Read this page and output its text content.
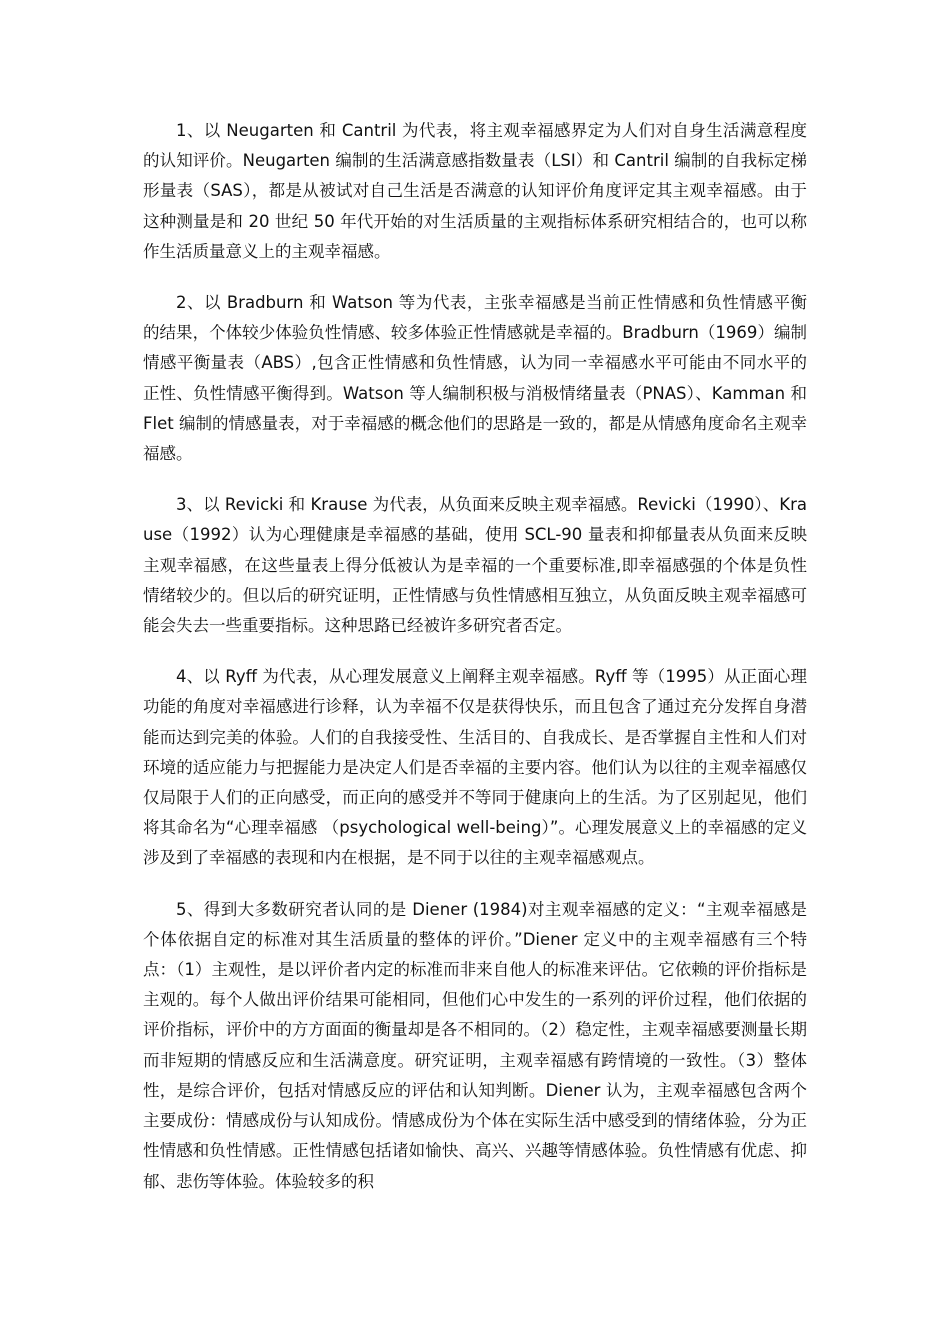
1、以 Neugarten 和 Cantril 为代表，将主观幸福感界定为人们对自身生活满意程度的认知评价。Neugarten 编制的生活满意感指数量表（LSI）和 Cantril 编制的自我标定梯形量表（SAS），都是从被试对自己生活是否满意的认知评价角度评定其主观幸福感。由于这种测量是和 20 世纪 50 年代开始的对生活质量的主观指标体系研究相结合的，也可以称作生活质量意义上的主观幸福感。

2、以 Bradburn 和 Watson 等为代表，主张幸福感是当前正性情感和负性情感平衡的结果，个体较少体验负性情感、较多体验正性情感就是幸福的。Bradburn（1969）编制情感平衡量表（ABS）,包含正性情感和负性情感，认为同一幸福感水平可能由不同水平的正性、负性情感平衡得到。Watson 等人编制积极与消极情绪量表（PNAS）、Kamman 和 Flet 编制的情感量表，对于幸福感的概念他们的思路是一致的，都是从情感角度命名主观幸福感。

3、以 Revicki 和 Krause 为代表，从负面来反映主观幸福感。Revicki（1990）、Krause（1992）认为心理健康是幸福感的基础，使用 SCL-90 量表和抑郁量表从负面来反映主观幸福感，在这些量表上得分低被认为是幸福的一个重要标准,即幸福感强的个体是负性情绪较少的。但以后的研究证明，正性情感与负性情感相互独立，从负面反映主观幸福感可能会失去一些重要指标。这种思路已经被许多研究者否定。

4、以 Ryff 为代表，从心理发展意义上阐释主观幸福感。Ryff 等（1995）从正面心理功能的角度对幸福感进行诊释，认为幸福不仅是获得快乐，而且包含了通过充分发挥自身潜能而达到完美的体验。人们的自我接受性、生活目的、自我成长、是否掌握自主性和人们对环境的适应能力与把握能力是决定人们是否幸福的主要内容。他们认为以往的主观幸福感仅仅局限于人们的正向感受，而正向的感受并不等同于健康向上的生活。为了区别起见，他们将其命名为“心理幸福感 （psychological well-being）”。心理发展意义上的幸福感的定义涉及到了幸福感的表现和内在根据，是不同于以往的主观幸福感观点。

5、得到大多数研究者认同的是 Diener (1984)对主观幸福感的定义：“主观幸福感是个体依据自定的标准对其生活质量的整体的评价。”Diener 定义中的主观幸福感有三个特点：（1）主观性，是以评价者内定的标准而非来自他人的标准来评估。它依赖的评价指标是主观的。每个人做出评价结果可能相同，但他们心中发生的一系列的评价过程，他们依据的评价指标，评价中的方方面面的衡量却是各不相同的。（2）稳定性，主观幸福感要测量长期而非短期的情感反应和生活满意度。研究证明，主观幸福感有跨情境的一致性。（3）整体性，是综合评价，包括对情感反应的评估和认知判断。Diener 认为，主观幸福感包含两个主要成份：情感成份与认知成份。情感成份为个体在实际生活中感受到的情绪体验，分为正性情感和负性情感。正性情感包括诸如愉快、高兴、兴趣等情感体验。负性情感有优虑、抑郁、悲伤等体验。体验较多的积
